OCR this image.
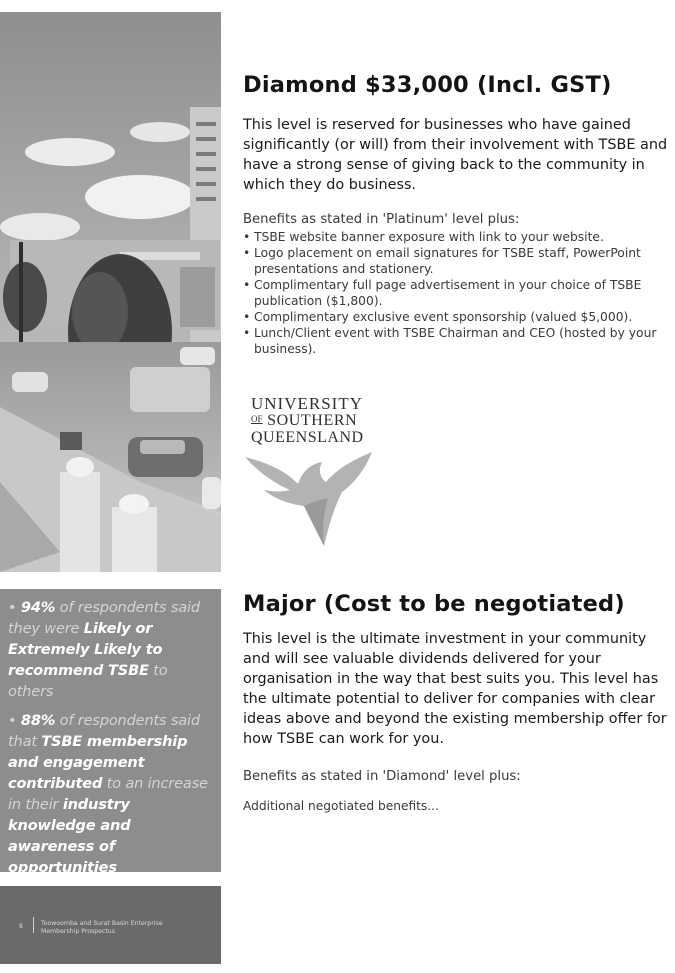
Diamond $33,000 (Incl. GST)

This level is reserved for businesses who have gained significantly (or will) from their involvement with TSBE and have a strong sense of giving back to the community in which they do business.

Benefits as stated in 'Platinum' level plus:

• TSBE website banner exposure with link to your website.
• Logo placement on email signatures for TSBE staff, PowerPoint presentations and stationery.
• Complimentary full page advertisement in your choice of TSBE publication ($1,800).
• Complimentary exclusive event sponsorship (valued $5,000).
• Lunch/Client event with TSBE Chairman and CEO (hosted by your business).
UNIVERSITY
OF SOUTHERN
QUEENSLAND
Major (Cost to be negotiated)

This level is the ultimate investment in your community and will see valuable dividends delivered for your organisation in the way that best suits you. This level has the ultimate potential to deliver for companies with clear ideas above and beyond the existing membership offer for how TSBE can work for you.

Benefits as stated in 'Diamond' level plus:

Additional negotiated benefits...

• 94% of respondents said they were Likely or Extremely Likely to recommend TSBE to others

• 88% of respondents said that TSBE membership and engagement contributed to an increase in their industry knowledge and awareness of opportunities

8	Toowoomba and Surat Basin Enterprise
Membership Prospectus
